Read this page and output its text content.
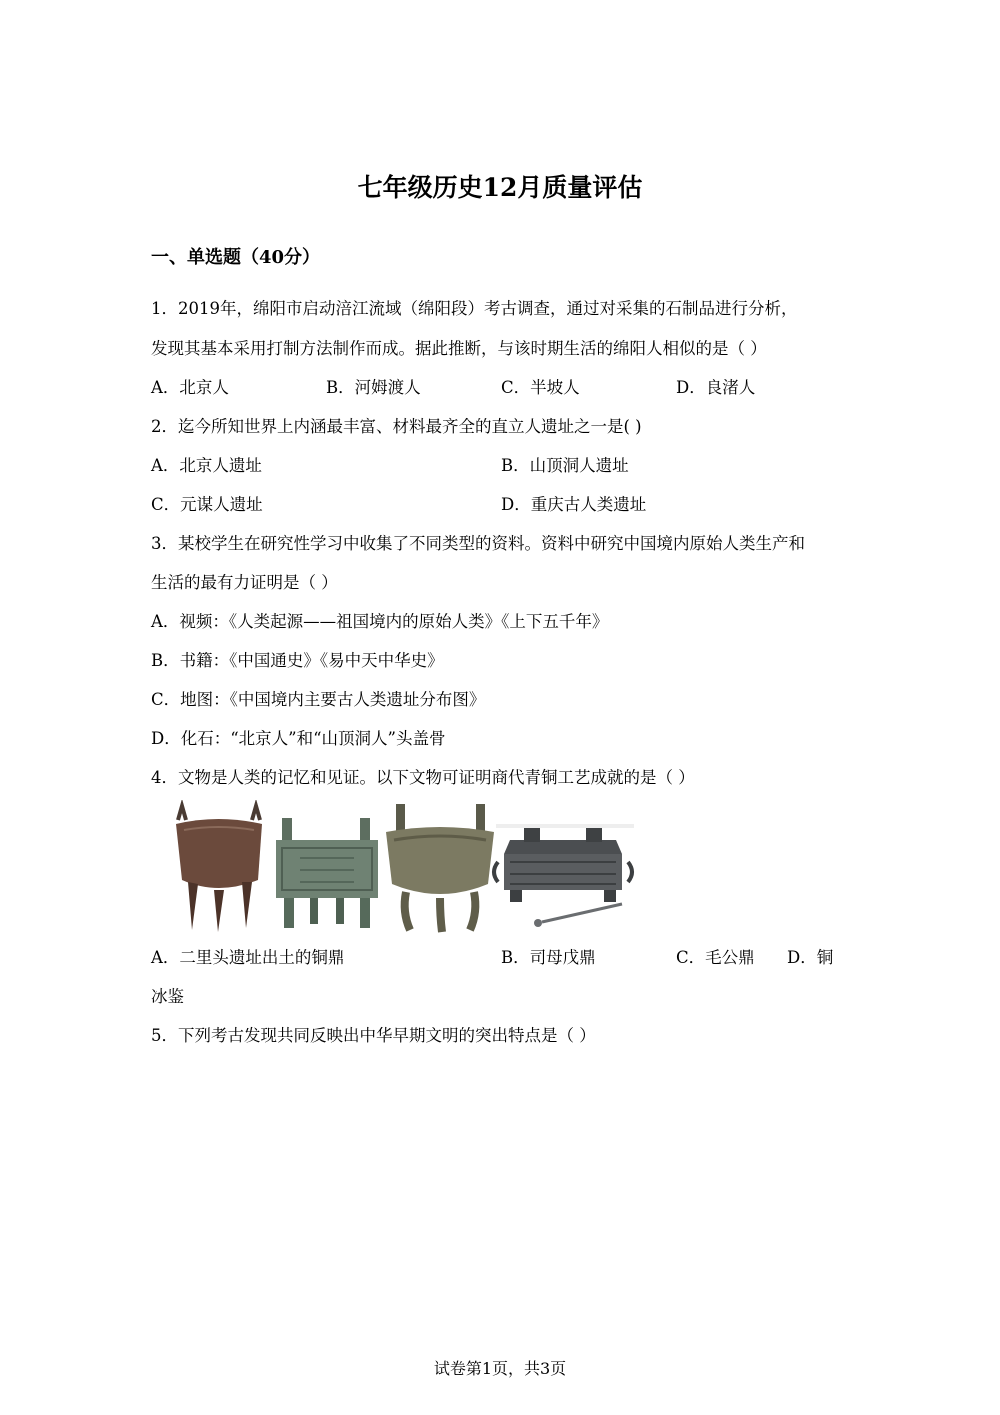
七年级历史12月质量评估
一、单选题（40分）
1．2019年，绵阳市启动涪江流域（绵阳段）考古调查，通过对采集的石制品进行分析，
发现其基本采用打制方法制作而成。据此推断，与该时期生活的绵阳人相似的是（ ）
A．北京人	B．河姆渡人	C．半坡人	D．良渚人
2．迄今所知世界上内涵最丰富、材料最齐全的直立人遗址之一是( )
A．北京人遗址	B．山顶洞人遗址
C．元谋人遗址	D．重庆古人类遗址
3．某校学生在研究性学习中收集了不同类型的资料。资料中研究中国境内原始人类生产和
生活的最有力证明是（ ）
A．视频：《人类起源——祖国境内的原始人类》《上下五千年》
B．书籍：《中国通史》《易中天中华史》
C．地图：《中国境内主要古人类遗址分布图》
D．化石：“北京人”和“山顶洞人”头盖骨
4．文物是人类的记忆和见证。以下文物可证明商代青铜工艺成就的是（ ）
A．二里头遗址出土的铜鼎	B．司母戊鼎	C．毛公鼎 D．铜
冰鉴
5．下列考古发现共同反映出中华早期文明的突出特点是（ ）
试卷第1页，共3页
